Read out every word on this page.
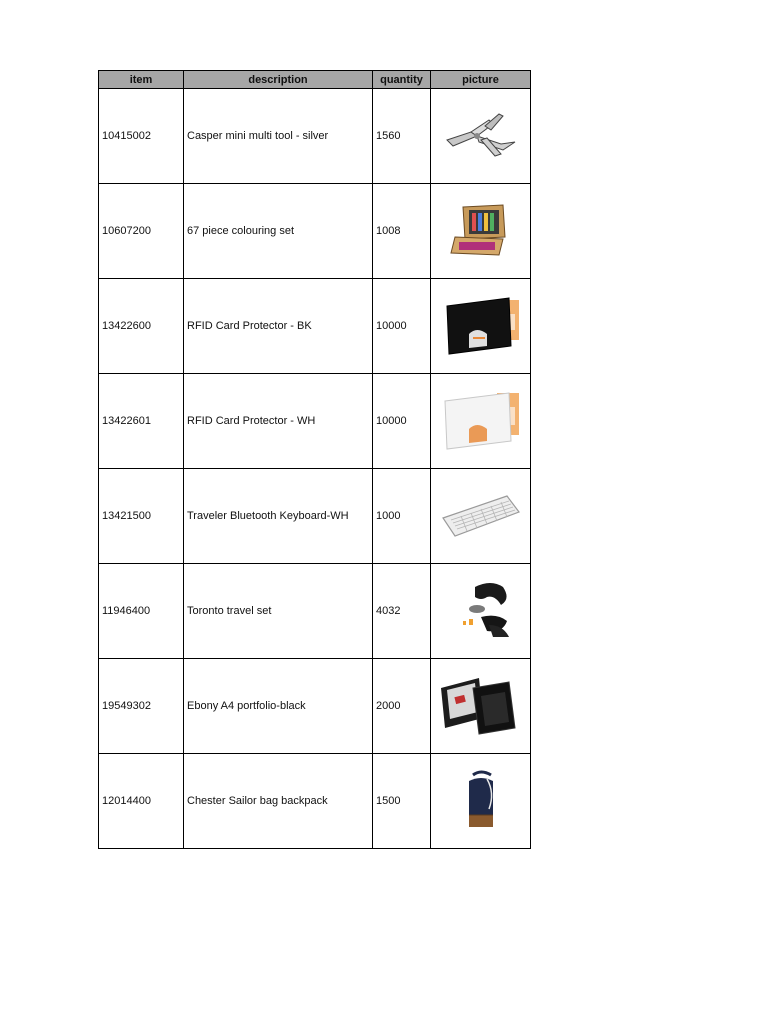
item	description	quantity	picture
10415002	Casper mini multi tool - silver	1560	

10607200	67 piece colouring set	1008	

13422600	RFID Card Protector - BK	10000	

13422601	RFID Card Protector - WH	10000	

13421500	Traveler Bluetooth Keyboard-WH	1000	

11946400	Toronto travel set	4032	

19549302	Ebony A4 portfolio-black	2000	

12014400	Chester Sailor bag backpack	1500	
